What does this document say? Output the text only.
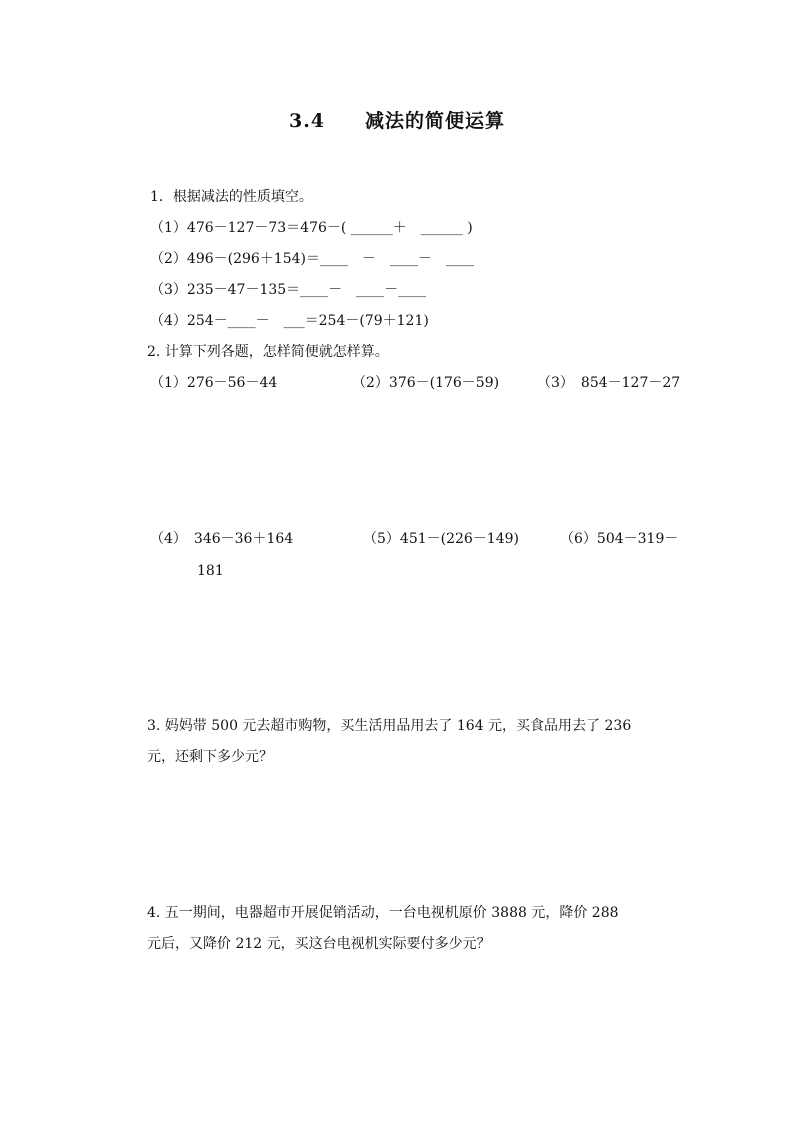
3.4　　减法的简便运算
1．根据减法的性质填空。
（1）476－127－73＝476－( ______＋　______ )
（2）496－(296＋154)＝____　－　____－　____
（3）235－47－135＝____－　____－____
（4）254－____－　___＝254－(79＋121)
2. 计算下列各题，怎样简便就怎样算。
（1）276－56－44	（2）376－(176－59)	（3）　854－127－27
（4）　346－36＋164	（5）451－(226－149)	（6）504－319－
181
3. 妈妈带 500 元去超市购物，买生活用品用去了 164 元，买食品用去了 236
元，还剩下多少元？
4. 五一期间，电器超市开展促销活动，一台电视机原价 3888 元，降价 288
元后，又降价 212 元，买这台电视机实际要付多少元？
